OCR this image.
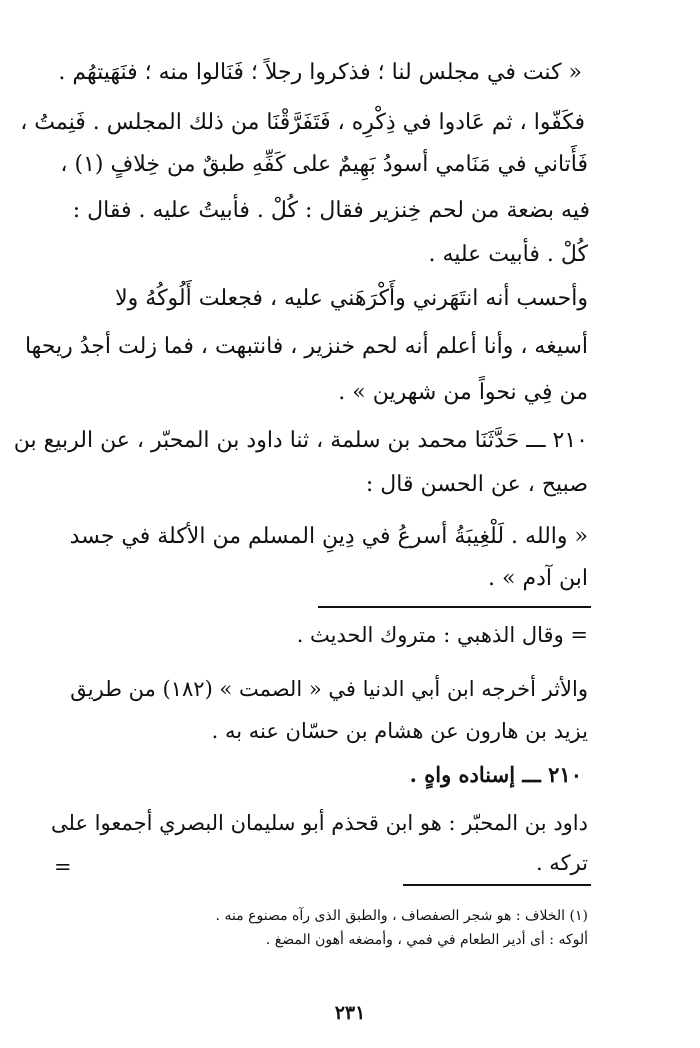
« كنت في مجلس لنا ؛ فذكروا رجلاً ؛ فَنَالوا منه ؛ فنَهَيتهُم .
فكَفّوا ، ثم عَادوا في ذِكْرِه ، فَتَفَرَّقْنَا من ذلك المجلس . فَنِمتُ ،
فَأَتاني في مَنَامي أسودُ بَهِيمٌ على كَفِّهِ طبقٌ من خِلافٍ (١) ،
فيه بضعة من لحم خِنزير فقال : كُلْ . فأبيتُ عليه . فقال :
كُلْ . فأبيت عليه .
وأحسب أنه انتَهَرني وأَكْرَهَني عليه ، فجعلت أَلُوكُهُ ولا
أسيغه ، وأنا أعلم أنه لحم خنزير ، فانتبهت ، فما زلت أجدُ ريحها
من فِي نحواً من شهرين » .
٢١٠ ـــ حَدَّثَنَا محمد بن سلمة ، ثنا داود بن المحبّر ، عن الربيع بن
صبيح ، عن الحسن قال :
« والله . لَلْغِيبَةُ أسرعُ في دِينِ المسلم من الأكلة في جسد
ابن آدم » .
= وقال الذهبي : متروك الحديث .
والأثر أخرجه ابن أبي الدنيا في « الصمت » (١٨٢) من طريق
يزيد بن هارون عن هشام بن حسّان عنه به .
٢١٠ ـــ إسناده واهٍ .
داود بن المحبّر : هو ابن قحذم أبو سليمان البصري أجمعوا على
تركه .
=
(١) الخلاف : هو شجر الصفصاف ، والطبق الذى رآه مصنوع منه .
ألوكه : أى أدير الطعام في فمي ، وأمضغه أهون المضغ .
٢٣١
